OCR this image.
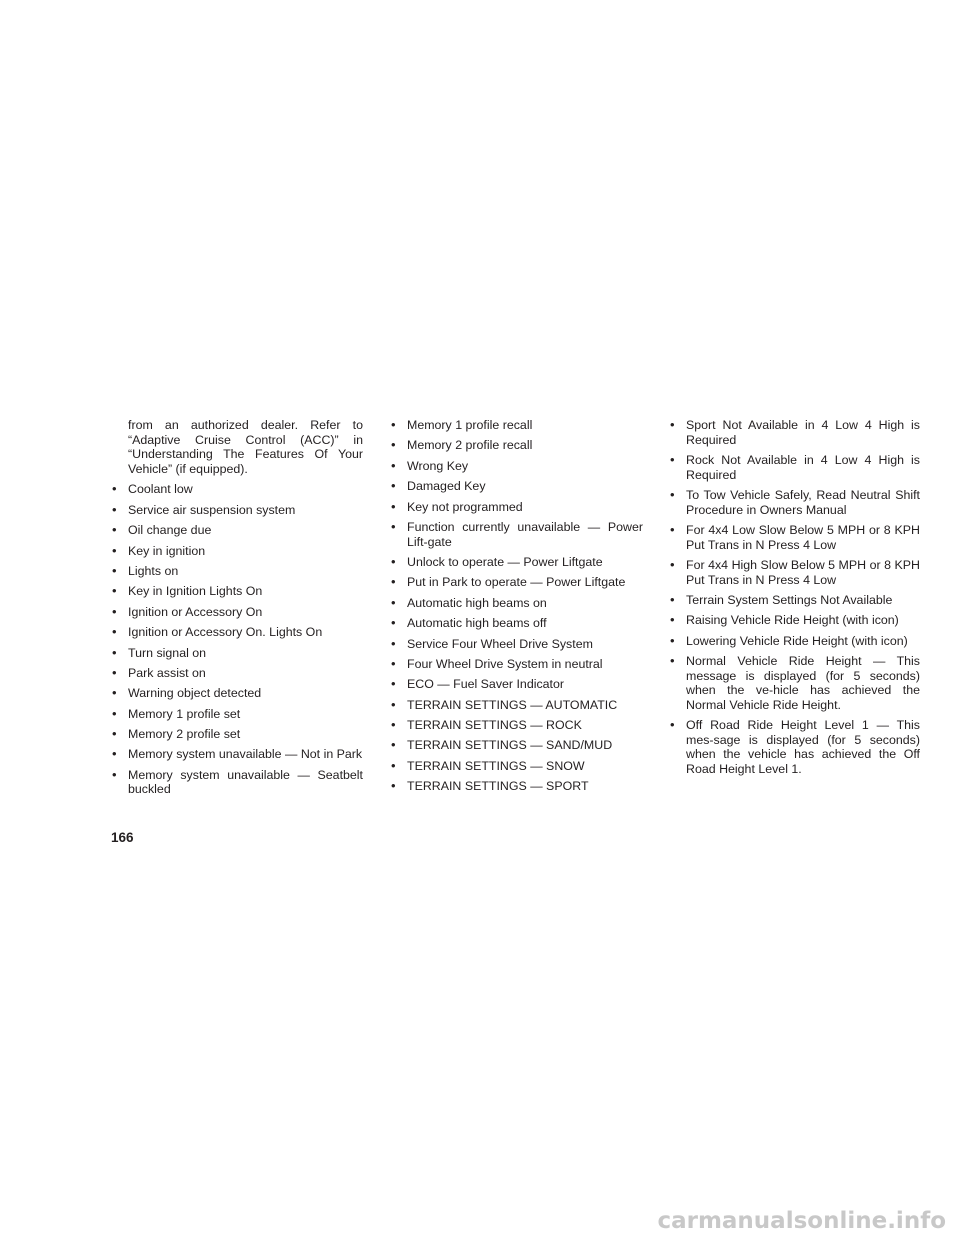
from an authorized dealer. Refer to “Adaptive Cruise Control (ACC)” in “Understanding The Features Of Your Vehicle” (if equipped).
• Coolant low
• Service air suspension system
• Oil change due
• Key in ignition
• Lights on
• Key in Ignition Lights On
• Ignition or Accessory On
• Ignition or Accessory On. Lights On
• Turn signal on
• Park assist on
• Warning object detected
• Memory 1 profile set
• Memory 2 profile set
• Memory system unavailable — Not in Park
• Memory system unavailable — Seatbelt buckled
• Memory 1 profile recall
• Memory 2 profile recall
• Wrong Key
• Damaged Key
• Key not programmed
• Function currently unavailable — Power Lift-gate
• Unlock to operate — Power Liftgate
• Put in Park to operate — Power Liftgate
• Automatic high beams on
• Automatic high beams off
• Service Four Wheel Drive System
• Four Wheel Drive System in neutral
• ECO — Fuel Saver Indicator
• TERRAIN SETTINGS — AUTOMATIC
• TERRAIN SETTINGS — ROCK
• TERRAIN SETTINGS — SAND/MUD
• TERRAIN SETTINGS — SNOW
• TERRAIN SETTINGS — SPORT
• Sport Not Available in 4 Low 4 High is Required
• Rock Not Available in 4 Low 4 High is Required
• To Tow Vehicle Safely, Read Neutral Shift Procedure in Owners Manual
• For 4x4 Low Slow Below 5 MPH or 8 KPH Put Trans in N Press 4 Low
• For 4x4 High Slow Below 5 MPH or 8 KPH Put Trans in N Press 4 Low
• Terrain System Settings Not Available
• Raising Vehicle Ride Height (with icon)
• Lowering Vehicle Ride Height (with icon)
• Normal Vehicle Ride Height — This message is displayed (for 5 seconds) when the ve-hicle has achieved the Normal Vehicle Ride Height.
• Off Road Ride Height Level 1 — This mes-sage is displayed (for 5 seconds) when the vehicle has achieved the Off Road Height Level 1.
166
carmanualsonline.info
